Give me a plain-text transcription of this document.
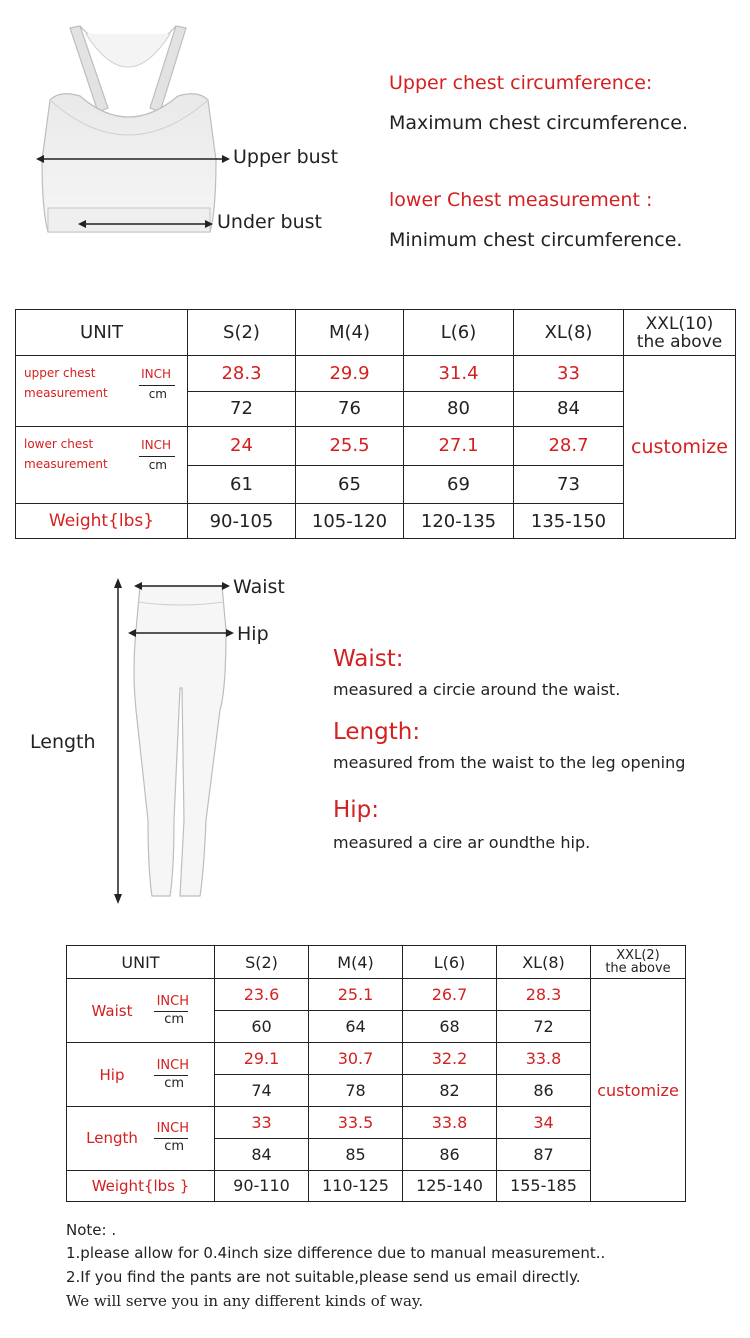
Upper bust
Under bust
Upper chest circumference:
Maximum chest circumference.
lower Chest measurement :
Minimum chest circumference.
UNIT	S(2)	M(4)	L(6)	XL(8)	XXL(10)
the above

upper chest
measurement
INCH
cm	28.3	29.9	31.4	33	customize
	72	76	80	84	

lower chest
measurement
INCH
cm	24	25.5	27.1	28.7	
	61	65	69	73	
Weight{lbs}	90-105	105-120	120-135	135-150	
Waist
Hip
Length
Waist:
measured a circie around the waist.
Length:
measured from the waist to the leg opening
Hip:
measured a cire ar oundthe hip.
UNIT	S(2)	M(4)	L(6)	XL(8)	XXL(2)
the above

Waist
INCH
cm	23.6	25.1	26.7	28.3	customize
	60	64	68	72	

Hip
INCH
cm	29.1	30.7	32.2	33.8	
	74	78	82	86	

Length
INCH
cm	33	33.5	33.8	34	
	84	85	86	87	
Weight{lbs }	90-110	110-125	125-140	155-185	
Note: .
1.please allow for 0.4inch size difference due to manual measurement..
2.If you find the pants are not suitable,please send us email directly.
We will serve you in any different kinds of way.
